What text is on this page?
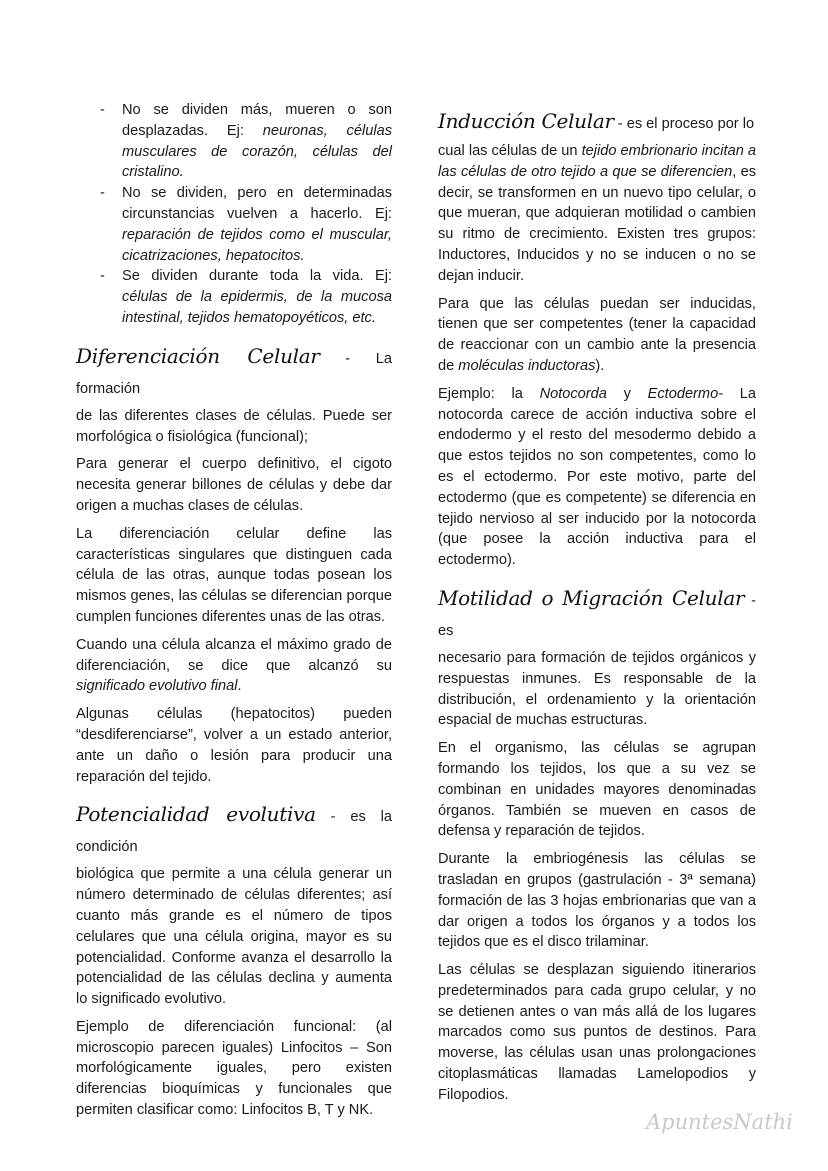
- No se dividen más, mueren o son desplazadas. Ej: neuronas, células musculares de corazón, células del cristalino.
- No se dividen, pero en determinadas circunstancias vuelven a hacerlo. Ej: reparación de tejidos como el muscular, cicatrizaciones, hepatocitos.
- Se dividen durante toda la vida. Ej: células de la epidermis, de la mucosa intestinal, tejidos hematopoyéticos, etc.
Diferenciación Celular - La formación
de las diferentes clases de células. Puede ser morfológica o fisiológica (funcional);

Para generar el cuerpo definitivo, el cigoto necesita generar billones de células y debe dar origen a muchas clases de células.

La diferenciación celular define las características singulares que distinguen cada célula de las otras, aunque todas posean los mismos genes, las células se diferencian porque cumplen funciones diferentes unas de las otras.

Cuando una célula alcanza el máximo grado de diferenciación, se dice que alcanzó su significado evolutivo final.

Algunas células (hepatocitos) pueden “desdiferenciarse”, volver a un estado anterior, ante un daño o lesión para producir una reparación del tejido.

Potencialidad evolutiva - es la condición
biológica que permite a una célula generar un número determinado de células diferentes; así cuanto más grande es el número de tipos celulares que una célula origina, mayor es su potencialidad. Conforme avanza el desarrollo la potencialidad de las células declina y aumenta lo significado evolutivo.

Ejemplo de diferenciación funcional: (al microscopio parecen iguales) Linfocitos – Son morfológicamente iguales, pero existen diferencias bioquímicas y funcionales que permiten clasificar como: Linfocitos B, T y NK.

Inducción Celular - es el proceso por lo
cual las células de un tejido embrionario incitan a las células de otro tejido a que se diferencien, es decir, se transformen en un nuevo tipo celular, o que mueran, que adquieran motilidad o cambien su ritmo de crecimiento. Existen tres grupos: Inductores, Inducidos y no se inducen o no se dejan inducir.

Para que las células puedan ser inducidas, tienen que ser competentes (tener la capacidad de reaccionar con un cambio ante la presencia de moléculas inductoras).

Ejemplo: la Notocorda y Ectodermo- La notocorda carece de acción inductiva sobre el endodermo y el resto del mesodermo debido a que estos tejidos no son competentes, como lo es el ectodermo. Por este motivo, parte del ectodermo (que es competente) se diferencia en tejido nervioso al ser inducido por la notocorda (que posee la acción inductiva para el ectodermo).

Motilidad o Migración Celular - es
necesario para formación de tejidos orgánicos y respuestas inmunes. Es responsable de la distribución, el ordenamiento y la orientación espacial de muchas estructuras.

En el organismo, las células se agrupan formando los tejidos, los que a su vez se combinan en unidades mayores denominadas órganos. También se mueven en casos de defensa y reparación de tejidos.

Durante la embriogénesis las células se trasladan en grupos (gastrulación - 3ª semana) formación de las 3 hojas embrionarias que van a dar origen a todos los órganos y a todos los tejidos que es el disco trilaminar.

Las células se desplazan siguiendo itinerarios predeterminados para cada grupo celular, y no se detienen antes o van más allá de los lugares marcados como sus puntos de destinos. Para moverse, las células usan unas prolongaciones citoplasmáticas llamadas Lamelopodios y Filopodios.

ApuntesNathi
